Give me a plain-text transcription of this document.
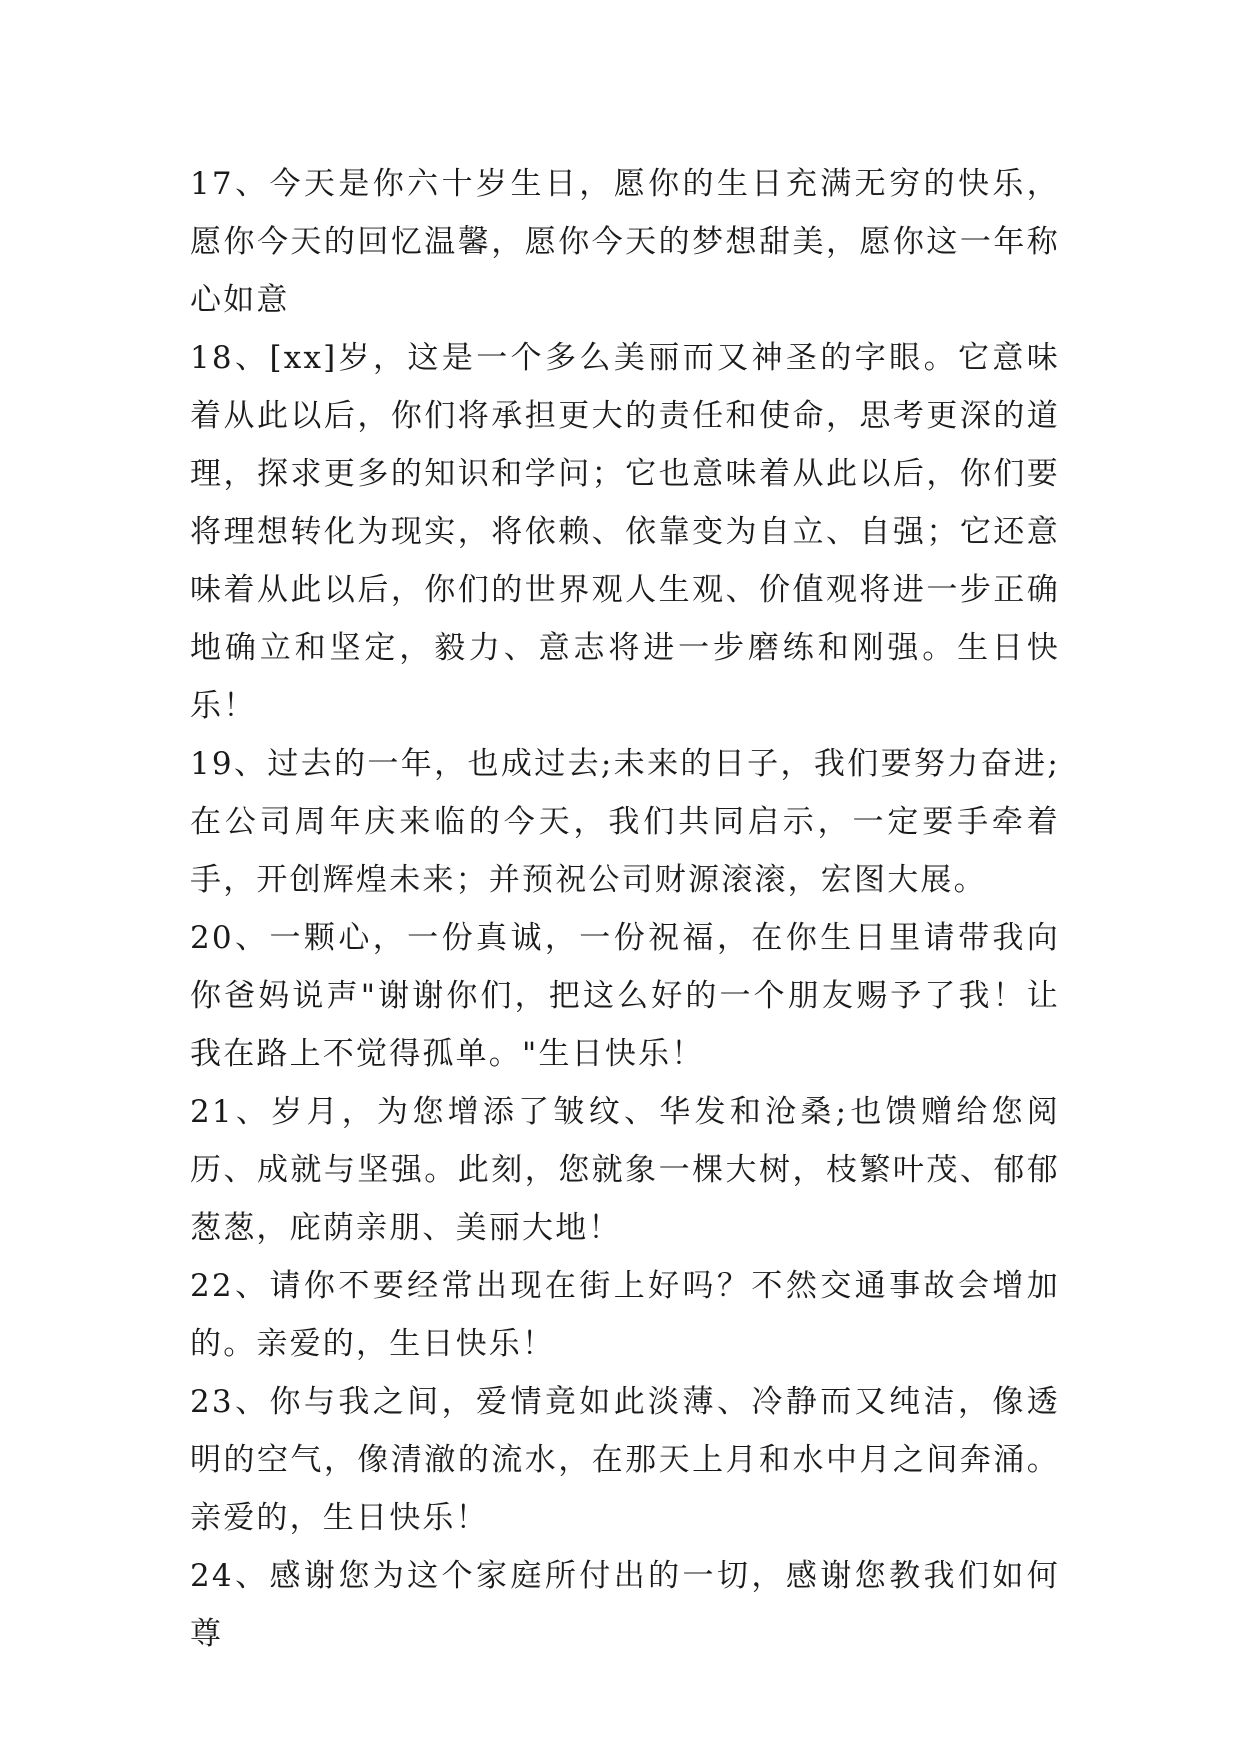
17、今天是你六十岁生日，愿你的生日充满无穷的快乐，愿你今天的回忆温馨，愿你今天的梦想甜美，愿你这一年称心如意

18、[xx]岁，这是一个多么美丽而又神圣的字眼。它意味着从此以后，你们将承担更大的责任和使命，思考更深的道理，探求更多的知识和学问；它也意味着从此以后，你们要将理想转化为现实，将依赖、依靠变为自立、自强；它还意味着从此以后，你们的世界观人生观、价值观将进一步正确地确立和坚定，毅力、意志将进一步磨练和刚强。生日快乐！

19、过去的一年，也成过去;未来的日子，我们要努力奋进;在公司周年庆来临的今天，我们共同启示，一定要手牵着手，开创辉煌未来；并预祝公司财源滚滚，宏图大展。

20、一颗心，一份真诚，一份祝福，在你生日里请带我向你爸妈说声"谢谢你们，把这么好的一个朋友赐予了我！让我在路上不觉得孤单。"生日快乐！

21、岁月，为您增添了皱纹、华发和沧桑;也馈赠给您阅历、成就与坚强。此刻，您就象一棵大树，枝繁叶茂、郁郁葱葱，庇荫亲朋、美丽大地！

22、请你不要经常出现在街上好吗？不然交通事故会增加的。亲爱的，生日快乐！

23、你与我之间，爱情竟如此淡薄、冷静而又纯洁，像透明的空气，像清澈的流水，在那天上月和水中月之间奔涌。亲爱的，生日快乐！

24、感谢您为这个家庭所付出的一切，感谢您教我们如何尊
